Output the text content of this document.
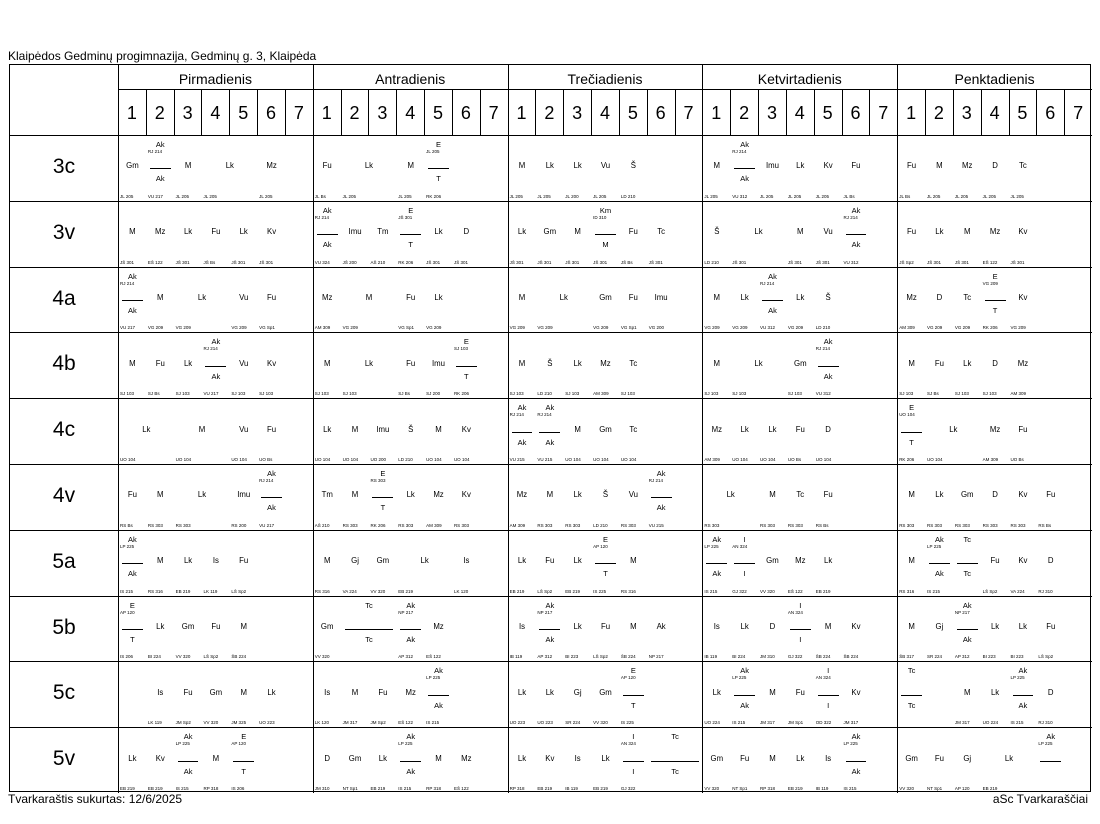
Klaipėdos Gedminų progimnazija, Gedminų g. 3, Klaipėda
Pirmadienis
1 2 3 4 5 6 7
Antradienis
1 2 3 4 5 6 7
Trečiadienis
1 2 3 4 5 6 7
Ketvirtadienis
1 2 3 4 5 6 7
Penktadienis
1 2 3 4 5 6 7
3c
3v
4a
4b
4c
4v
5a
5b
5c
5v
Gm
JL 205
Ak
RJ 214
Ak
VU 217
M
JL 205
Lk
JL 205
Mz
JL 205
Fu
JL Bs
Lk
JL 205
M
JL 205
E
JL 205
T
RK 206
M
JL 205
Lk
JL 205
Lk
JL 200
Vu
JL 205
Š
LD 210
M
JL 205
Ak
RJ 214
Ak
VU 312
Imu
JL 205
Lk
JL 205
Kv
JL 205
Fu
JL Bs
Fu
JL Bs
M
JL 205
Mz
JL 205
D
JL 205
Tc
JL 205
M
JŠ 301
Mz
EŠ 122
Lk
JŠ 301
Fu
JŠ Bs
Lk
JŠ 301
Kv
JŠ 301
Ak
RJ 214
Ak
VU 324
Imu
JŠ 200
Tm
AŠ 210
E
JŠ 301
T
RK 206
Lk
JŠ 301
D
JŠ 301
Lk
JŠ 301
Gm
JŠ 301
M
JŠ 301
Km
ID 310
M
JŠ 301
Fu
JŠ Bs
Tc
JŠ 301
Š
LD 210
Lk
JŠ 301
M
JŠ 301
Vu
JŠ 301
Ak
RJ 214
Ak
VU 312
Fu
JŠ Sp2
Lk
JŠ 301
M
JŠ 301
Mz
EŠ 122
Kv
JŠ 301
Ak
RJ 214
Ak
VU 217
M
VG 209
Lk
VG 209
Vu
VG 209
Fu
VG Sp1
Mz
AM 309
M
VG 209
Fu
VG Sp1
Lk
VG 209
M
VG 209
Lk
VG 209
Gm
VG 209
Fu
VG Sp1
Imu
VG 200
M
VG 209
Lk
VG 209
Ak
RJ 214
Ak
VU 312
Lk
VG 209
Š
LD 210
Mz
AM 309
D
VG 209
Tc
VG 209
E
VG 209
T
RK 206
Kv
VG 209
M
SJ 103
Fu
SJ Bs
Lk
SJ 103
Ak
RJ 214
Ak
VU 217
Vu
SJ 103
Kv
SJ 103
M
SJ 103
Lk
SJ 103
Fu
SJ Bs
Imu
SJ 200
E
SJ 103
T
RK 206
M
SJ 103
Š
LD 210
Lk
SJ 103
Mz
AM 309
Tc
SJ 103
M
SJ 103
Lk
SJ 103
Gm
SJ 103
Ak
RJ 214
Ak
VU 312
M
SJ 103
Fu
SJ Bs
Lk
SJ 103
D
SJ 103
Mz
AM 309
Lk
UO 104
M
UO 104
Vu
UO 104
Fu
UO Bs
Lk
UO 104
M
UO 104
Imu
UO 200
Š
LD 210
M
UO 104
Kv
UO 104
Ak
RJ 214
Ak
VU 215
Ak
RJ 214
Ak
VU 215
M
UO 104
Gm
UO 104
Tc
UO 104
Mz
AM 309
Lk
UO 104
Lk
UO 104
Fu
UO Bs
D
UO 104
E
UO 104
T
RK 206
Lk
UO 104
Mz
AM 309
Fu
UO Bs
Fu
RS Bs
M
RS 303
Lk
RS 303
Imu
RS 200
Ak
RJ 214
Ak
VU 217
Tm
AŠ 210
M
RS 303
E
RS 303
T
RK 206
Lk
RS 303
Mz
AM 309
Kv
RS 303
Mz
AM 309
M
RS 303
Lk
RS 303
Š
LD 210
Vu
RS 303
Ak
RJ 214
Ak
VU 215
Lk
RS 303
M
RS 303
Tc
RS 303
Fu
RS Bs
M
RS 303
Lk
RS 303
Gm
RS 303
D
RS 303
Kv
RS 303
Fu
RS Bs
Ak
LP 225
Ak
IS 215
M
RS 316
Lk
EB 219
Is
LK 119
Fu
LŠ Sp2
M
RS 316
Gj
VA 224
Gm
VV 320
Lk
EB 219
Is
LK 120
Lk
EB 219
Fu
LŠ Sp2
Lk
EB 219
E
AP 120
T
IS 225
M
RS 316
Ak
LP 225
Ak
IS 215
I
AN 324
I
GJ 322
Gm
VV 320
Mz
EŠ 122
Lk
EB 219
M
RS 316
Ak
LP 225
Ak
IS 215
Tc
Tc
Fu
LŠ Sp2
Kv
VA 224
D
RJ 310
E
AP 120
T
IS 206
Lk
BI 224
Gm
VV 320
Fu
LŠ Sp2
M
ŠB 224
Gm
VV 320
Tc
Tc
Ak
NP 217
Ak
AP 312
Mz
EŠ 122
Is
IB 119
Ak
NP 217
Ak
AP 312
Lk
BI 223
Fu
LŠ Sp2
M
ŠB 224
Ak
NP 217
Is
IB 119
Lk
BI 224
D
JM 310
I
AN 324
I
GJ 322
M
ŠB 224
Kv
ŠB 224
M
ŠB 317
Gj
SR 224
Ak
NP 217
Ak
AP 312
Lk
BI 223
Lk
BI 223
Fu
LŠ Sp2
Is
LK 119
Fu
JM Sp2
Gm
VV 320
M
JM 325
Lk
UO 223
Is
LK 120
M
JM 317
Fu
JM Sp2
Mz
EŠ 122
Ak
LP 225
Ak
IS 215
Lk
UO 223
Lk
UO 223
Gj
SR 224
Gm
VV 320
E
AP 120
T
IS 225
Lk
UO 224
Ak
LP 225
Ak
IS 215
M
JM 317
Fu
JM Sp1
I
AN 324
I
OD 322
Kv
JM 317
Tc
Tc
M
JM 317
Lk
UO 224
Ak
LP 225
Ak
IS 215
D
RJ 310
Lk
EB 219
Kv
EB 219
Ak
LP 225
Ak
IS 215
M
RP 318
E
AP 120
T
IS 206
D
JM 310
Gm
NT Sp1
Lk
EB 219
Ak
LP 225
Ak
IS 215
M
RP 318
Mz
EŠ 122
Lk
RP 318
Kv
EB 219
Is
IB 119
Lk
EB 219
I
AN 324
I
GJ 322
Tc
Tc
Gm
VV 320
Fu
NT Sp1
M
RP 318
Lk
EB 219
Is
IB 119
Ak
LP 225
Ak
IS 215
Gm
VV 320
Fu
NT Sp1
Gj
AP 120
Lk
EB 219
Ak
LP 225
Tvarkaraštis sukurtas: 12/6/2025	aSc Tvarkaraščiai
